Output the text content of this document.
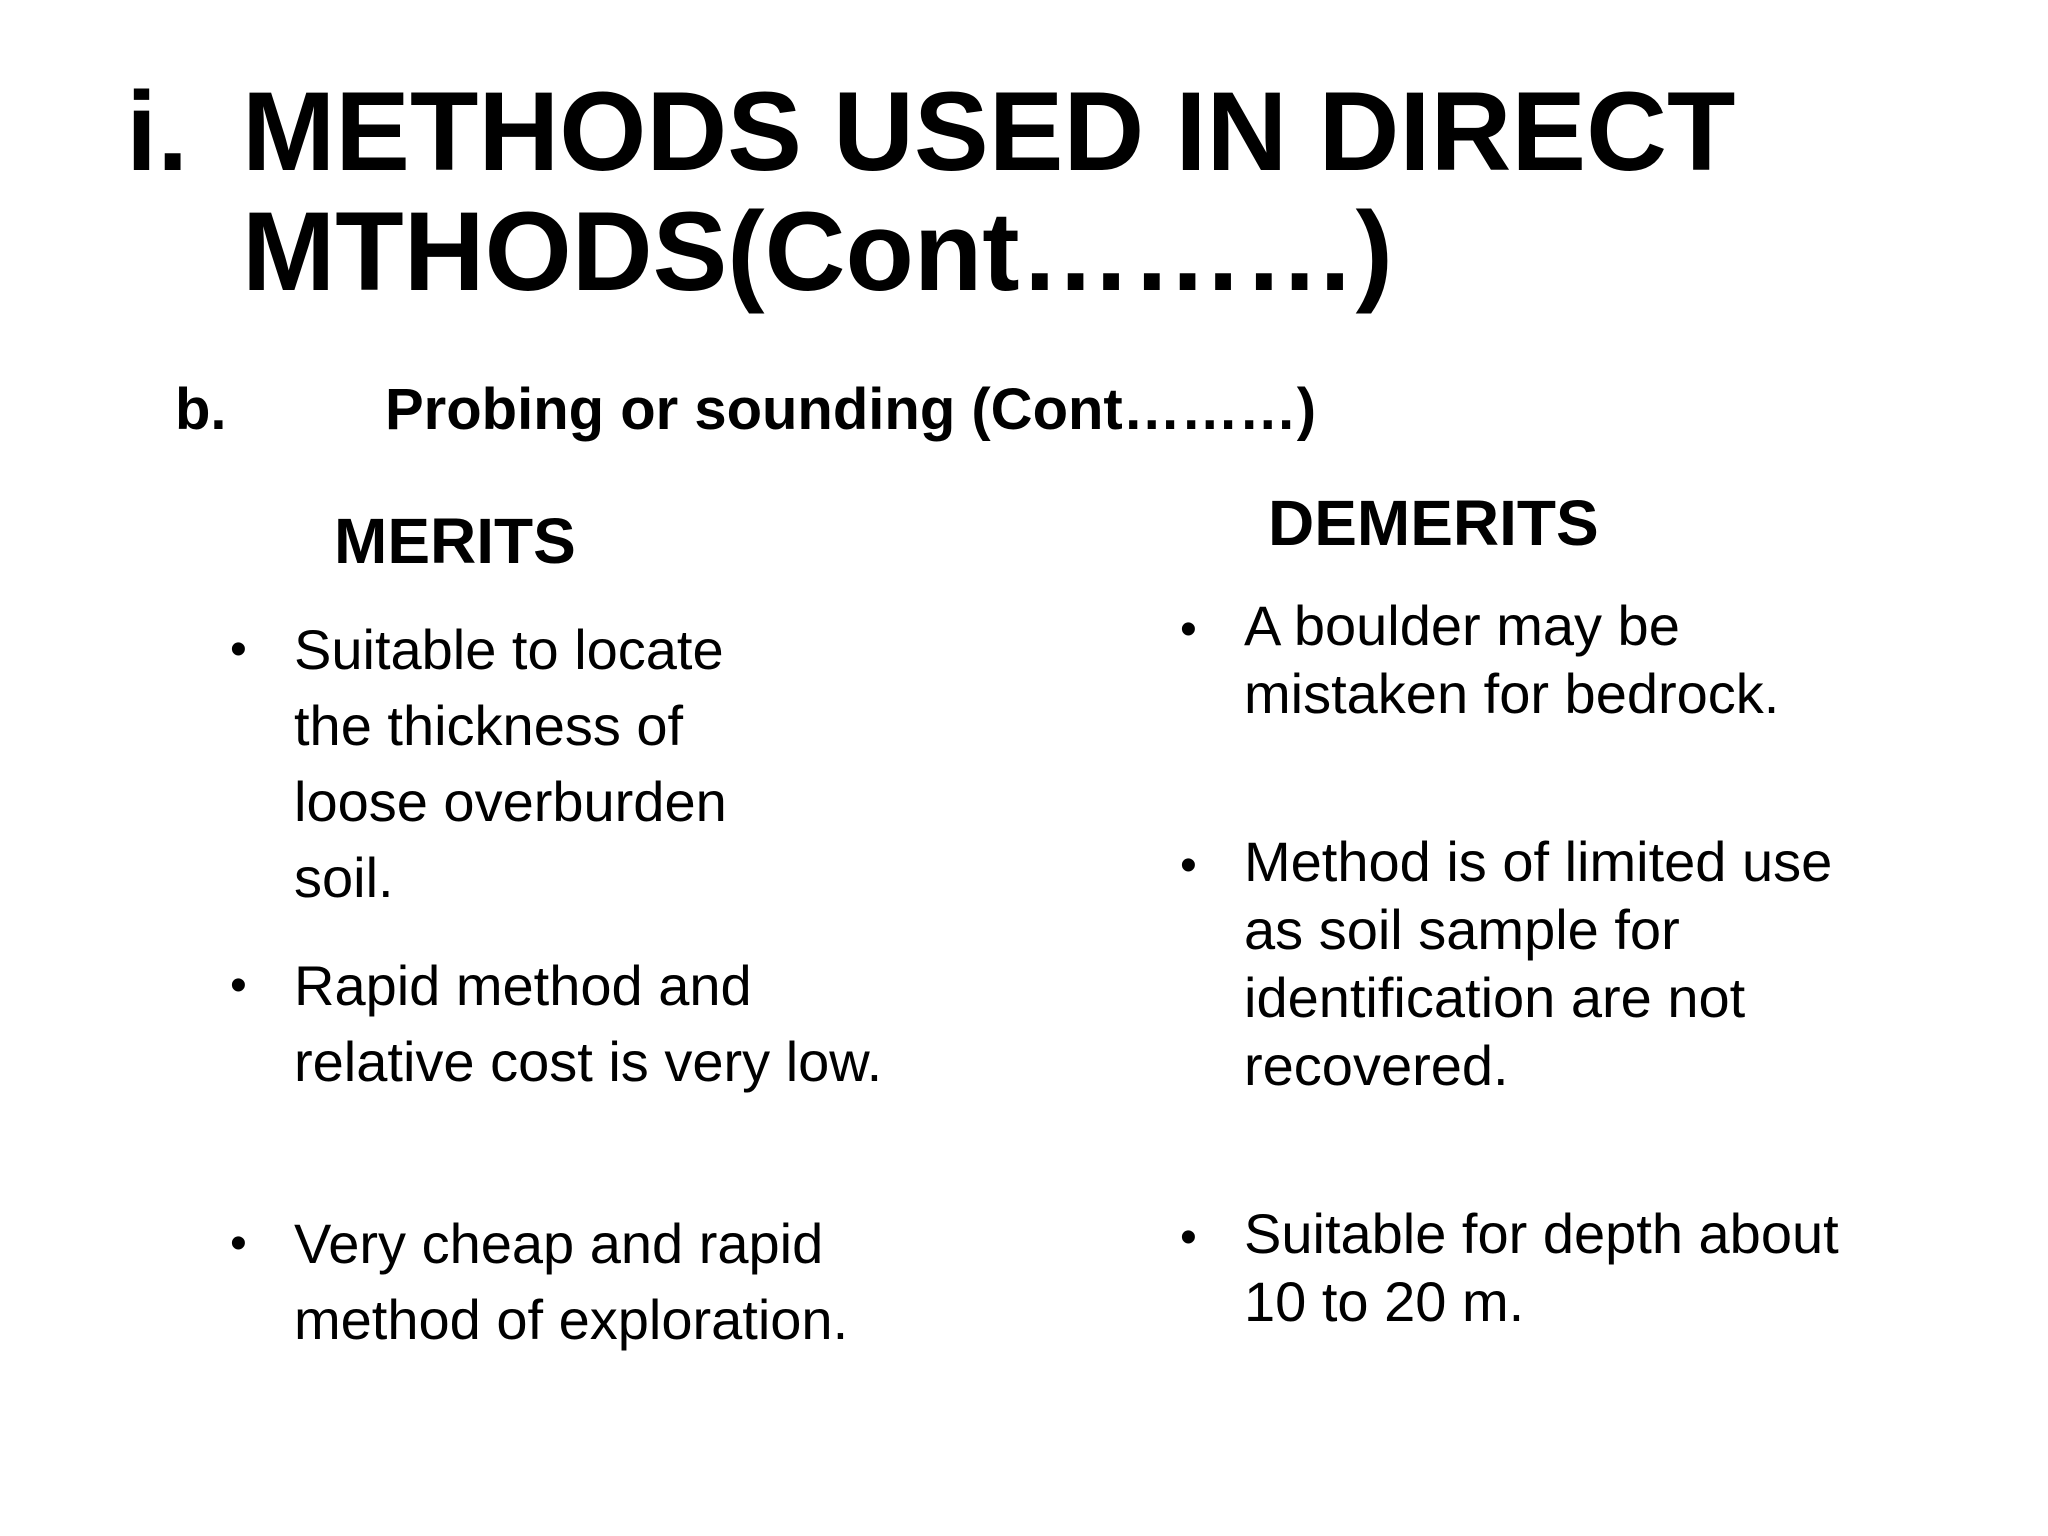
i. METHODS USED IN DIRECT
MTHODS(Cont………)
b.	Probing or sounding (Cont………)
MERITS	DEMERITS
• Suitable to locate
the thickness of
loose overburden
soil.
• Rapid method and
relative cost is very low.
• Very cheap and rapid
method of exploration.
• A boulder may be
mistaken for bedrock.
• Method is of limited use
as soil sample for
identification are not
recovered.
• Suitable for depth about
10 to 20 m.
